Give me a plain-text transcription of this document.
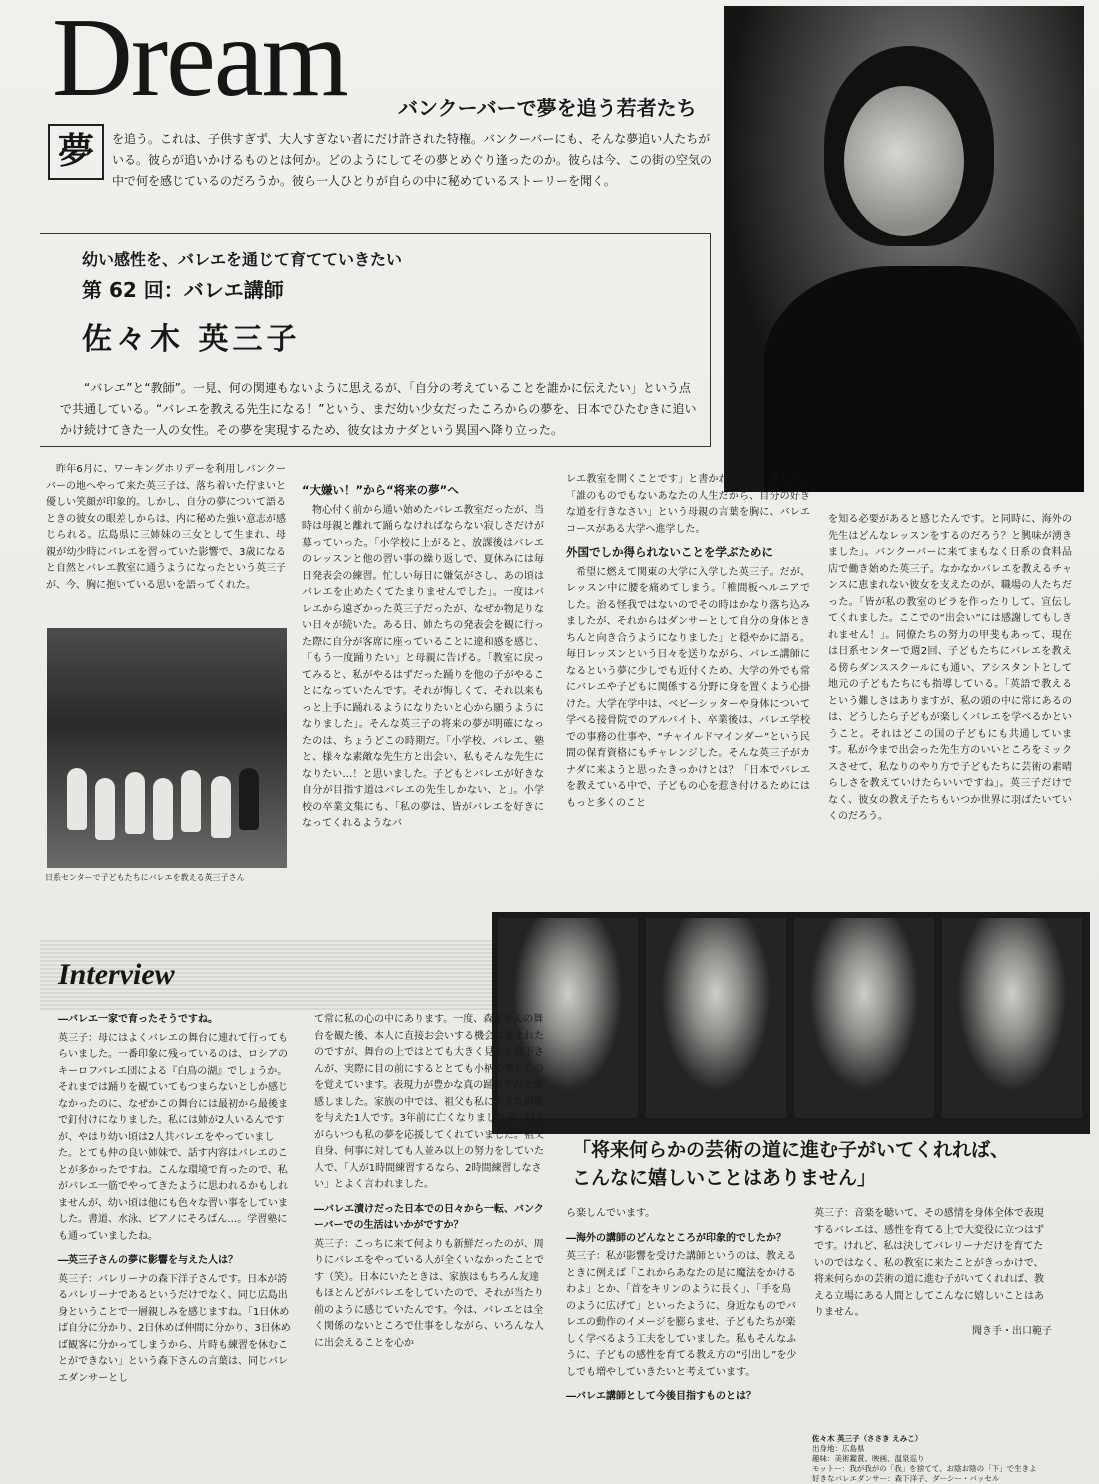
Dream	バンクーバーで夢を追う若者たち
夢	を追う。これは、子供すぎず、大人すぎない者にだけ許された特権。バンクーバーにも、そんな夢追い人たちがいる。彼らが追いかけるものとは何か。どのようにしてその夢とめぐり逢ったのか。彼らは今、この街の空気の中で何を感じているのだろうか。彼ら一人ひとりが自らの中に秘めているストーリーを聞く。
幼い感性を、バレエを通じて育てていきたい
第 62 回：バレエ講師
佐々木 英三子
“バレエ”と“教師”。一見、何の関連もないように思えるが、「自分の考えていることを誰かに伝えたい」という点で共通している。“バレエを教える先生になる！”という、まだ幼い少女だったころからの夢を、日本でひたむきに追いかけ続けてきた一人の女性。その夢を実現するため、彼女はカナダという異国へ降り立った。

昨年6月に、ワーキングホリデーを利用しバンクーバーの地へやって来た英三子は、落ち着いた佇まいと優しい笑顔が印象的。しかし、自分の夢について語るときの彼女の眼差しからは、内に秘めた強い意志が感じられる。広島県に三姉妹の三女として生まれ、母親が幼少時にバレエを習っていた影響で、3歳になると自然とバレエ教室に通うようになったという英三子が、今、胸に抱いている思いを語ってくれた。

日系センターで子どもたちにバレエを教える英三子さん
“大嫌い！”から“将来の夢”へ

物心付く前から通い始めたバレエ教室だったが、当時は母親と離れて踊らなければならない寂しさだけが募っていった。「小学校に上がると、放課後はバレエのレッスンと他の習い事の繰り返しで、夏休みには毎日発表会の練習。忙しい毎日に嫌気がさし、あの頃はバレエを止めたくてたまりませんでした」。一度はバレエから遠ざかった英三子だったが、なぜか物足りない日々が続いた。ある日、姉たちの発表会を観に行った際に自分が客席に座っていることに違和感を感じ、「もう一度踊りたい」と母親に告げる。「教室に戻ってみると、私がやるはずだった踊りを他の子がやることになっていたんです。それが悔しくて、それ以来もっと上手に踊れるようになりたいと心から願うようになりました」。そんな英三子の将来の夢が明確になったのは、ちょうどこの時期だ。「小学校、バレエ、塾と、様々な素敵な先生方と出会い、私もそんな先生になりたい…！と思いました。子どもとバレエが好きな自分が目指す道はバレエの先生しかない、と」。小学校の卒業文集にも、「私の夢は、皆がバレエを好きになってくれるようなバ

レエ教室を開くことです」と書かれている。そして、「誰のものでもないあなたの人生だから、自分の好きな道を行きなさい」という母親の言葉を胸に、バレエコースがある大学へ進学した。

外国でしか得られないことを学ぶために

希望に燃えて関東の大学に入学した英三子。だが、レッスン中に腰を痛めてしまう。「椎間板ヘルニアでした。治る怪我ではないのでその時はかなり落ち込みましたが、それからはダンサーとして自分の身体ときちんと向き合うようになりました」と穏やかに語る。毎日レッスンという日々を送りながら、バレエ講師になるという夢に少しでも近付くため、大学の外でも常にバレエや子どもに関係する分野に身を置くよう心掛けた。大学在学中は、ベビーシッターや身体について学べる接骨院でのアルバイト、卒業後は、バレエ学校での事務の仕事や、“チャイルドマインダー”という民間の保育資格にもチャレンジした。そんな英三子がカナダに来ようと思ったきっかけとは？「日本でバレエを教えている中で、子どもの心を惹き付けるためにはもっと多くのこと

を知る必要があると感じたんです。と同時に、海外の先生はどんなレッスンをするのだろう？と興味が湧きました」。バンクーバーに来てまもなく日系の食料品店で働き始めた英三子。なかなかバレエを教えるチャンスに恵まれない彼女を支えたのが、職場の人たちだった。「皆が私の教室のビラを作ったりして、宣伝してくれました。ここでの“出会い”には感謝してもしきれません！」。同僚たちの努力の甲斐もあって、現在は日系センターで週2回、子どもたちにバレエを教える傍らダンススクールにも通い、アシスタントとして地元の子どもたちにも指導している。「英語で教えるという難しさはありますが、私の頭の中に常にあるのは、どうしたら子どもが楽しくバレエを学べるかということ。それはどこの国の子どもにも共通しています。私が今まで出会った先生方のいいところをミックスさせて、私なりのやり方で子どもたちに芸術の素晴らしさを教えていけたらいいですね」。英三子だけでなく、彼女の教え子たちもいつか世界に羽ばたいていくのだろう。

Interview
「将来何らかの芸術の道に進む子がいてくれれば、
こんなに嬉しいことはありません」
―バレエ一家で育ったそうですね。

英三子：母にはよくバレエの舞台に連れて行ってもらいました。一番印象に残っているのは、ロシアのキーロフバレエ団による『白鳥の湖』でしょうか。それまでは踊りを観ていてもつまらないとしか感じなかったのに、なぜかこの舞台には最初から最後まで釘付けになりました。私には姉が2人いるんですが、やはり幼い頃は2人共バレエをやっていました。とても仲の良い姉妹で、話す内容はバレエのことが多かったですね。こんな環境で育ったので、私がバレエ一筋でやってきたように思われるかもしれませんが、幼い頃は他にも色々な習い事をしていました。書道、水泳、ピアノにそろばん…。学習塾にも通っていましたね。

―英三子さんの夢に影響を与えた人は？

英三子：バレリーナの森下洋子さんです。日本が誇るバレリーナであるというだけでなく、同じ広島出身ということで一層親しみを感じますね。「1日休めば自分に分かり、2日休めば仲間に分かり、3日休めば観客に分かってしまうから、片時も練習を休むことができない」という森下さんの言葉は、同じバレエダンサーとし

て常に私の心の中にあります。一度、森下さんの舞台を観た後、本人に直接お会いする機会に恵まれたのですが、舞台の上ではとても大きく見えた森下さんが、実際に目の前にするととても小柄で驚いたのを覚えています。表現力が豊かな真の踊り手だと実感しました。家族の中では、祖父も私に大きな影響を与えた1人です。3年前に亡くなりましたが、陰ながらいつも私の夢を応援してくれていました。祖父自身、何事に対しても人並み以上の努力をしていた人で、「人が1時間練習するなら、2時間練習しなさい」とよく言われました。

―バレエ漬けだった日本での日々から一転、バンクーバーでの生活はいかがですか？

英三子：こっちに来て何よりも新鮮だったのが、周りにバレエをやっている人が全くいなかったことです（笑）。日本にいたときは、家族はもちろん友達もほとんどがバレエをしていたので、それが当たり前のように感じていたんです。今は、バレエとは全く関係のないところで仕事をしながら、いろんな人に出会えることを心か

ら楽しんでいます。

―海外の講師のどんなところが印象的でしたか？

英三子：私が影響を受けた講師というのは、教えるときに例えば「これからあなたの足に魔法をかけるわよ」とか、「首をキリンのように長く」、「手を鳥のように広げて」といったように、身近なものでバレエの動作のイメージを膨らませ、子どもたちが楽しく学べるよう工夫をしていました。私もそんなふうに、子どもの感性を育てる教え方の“引出し”を少しでも増やしていきたいと考えています。

―バレエ講師として今後目指すものとは？

英三子：音楽を聴いて、その感情を身体全体で表現するバレエは、感性を育てる上で大変役に立つはずです。けれど、私は決してバレリーナだけを育てたいのではなく、私の教室に来たことがきっかけで、将来何らかの芸術の道に進む子がいてくれれば、教える立場にある人間としてこんなに嬉しいことはありません。

聞き手・出口範子

佐々木 英三子（ささき えみこ）
出身地：広島県
趣味：美術鑑賞、映画、温泉巡り
モットー：我が我がの「我」を捨てて、お陰お陰の「下」で生きよ
好きなバレエダンサー：森下洋子、ダーシー・バッセル
